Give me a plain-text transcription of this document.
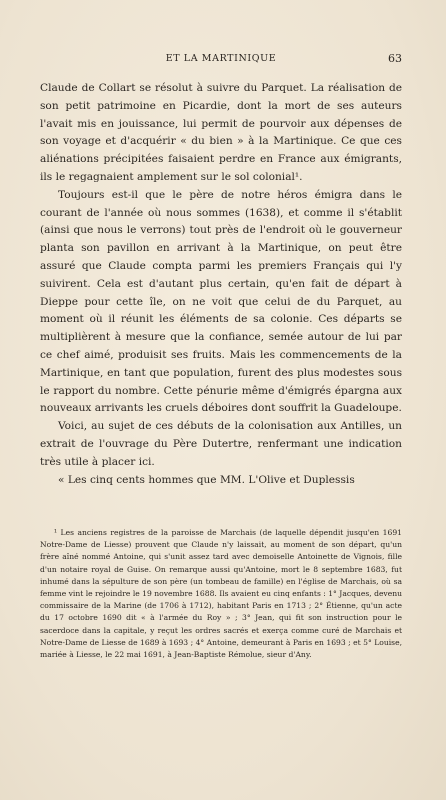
ET LA MARTINIQUE	63

Claude de Collart se résolut à suivre du Parquet. La réalisation de son petit patrimoine en Picardie, dont la mort de ses auteurs l'avait mis en jouissance, lui permit de pourvoir aux dépenses de son voyage et d'acquérir « du bien » à la Martinique. Ce que ces aliénations précipitées faisaient perdre en France aux émigrants, ils le regagnaient amplement sur le sol colonial¹.

Toujours est-il que le père de notre héros émigra dans le courant de l'année où nous sommes (1638), et comme il s'établit (ainsi que nous le verrons) tout près de l'endroit où le gouverneur planta son pavillon en arrivant à la Martinique, on peut être assuré que Claude compta parmi les premiers Français qui l'y suivirent. Cela est d'autant plus certain, qu'en fait de départ à Dieppe pour cette île, on ne voit que celui de du Parquet, au moment où il réunit les éléments de sa colonie. Ces départs se multiplièrent à mesure que la confiance, semée autour de lui par ce chef aimé, produisit ses fruits. Mais les commencements de la Martinique, en tant que population, furent des plus modestes sous le rapport du nombre. Cette pénurie même d'émigrés épargna aux nouveaux arrivants les cruels déboires dont souffrit la Guadeloupe.

Voici, au sujet de ces débuts de la colonisation aux Antilles, un extrait de l'ouvrage du Père Dutertre, renfermant une indication très utile à placer ici.

« Les cinq cents hommes que MM. L'Olive et Duplessis

¹ Les anciens registres de la paroisse de Marchais (de laquelle dépendit jusqu'en 1691 Notre-Dame de Liesse) prouvent que Claude n'y laissait, au moment de son départ, qu'un frère aîné nommé Antoine, qui s'unit assez tard avec demoiselle Antoinette de Vignois, fille d'un notaire royal de Guise. On remarque aussi qu'Antoine, mort le 8 septembre 1683, fut inhumé dans la sépulture de son père (un tombeau de famille) en l'église de Marchais, où sa femme vint le rejoindre le 19 novembre 1688. Ils avaient eu cinq enfants : 1° Jacques, devenu commissaire de la Marine (de 1706 à 1712), habitant Paris en 1713 ; 2° Étienne, qu'un acte du 17 octobre 1690 dit « à l'armée du Roy » ; 3° Jean, qui fit son instruction pour le sacerdoce dans la capitale, y reçut les ordres sacrés et exerça comme curé de Marchais et Notre-Dame de Liesse de 1689 à 1693 ; 4° Antoine, demeurant à Paris en 1693 ; et 5° Louise, mariée à Liesse, le 22 mai 1691, à Jean-Baptiste Rémolue, sieur d'Any.
